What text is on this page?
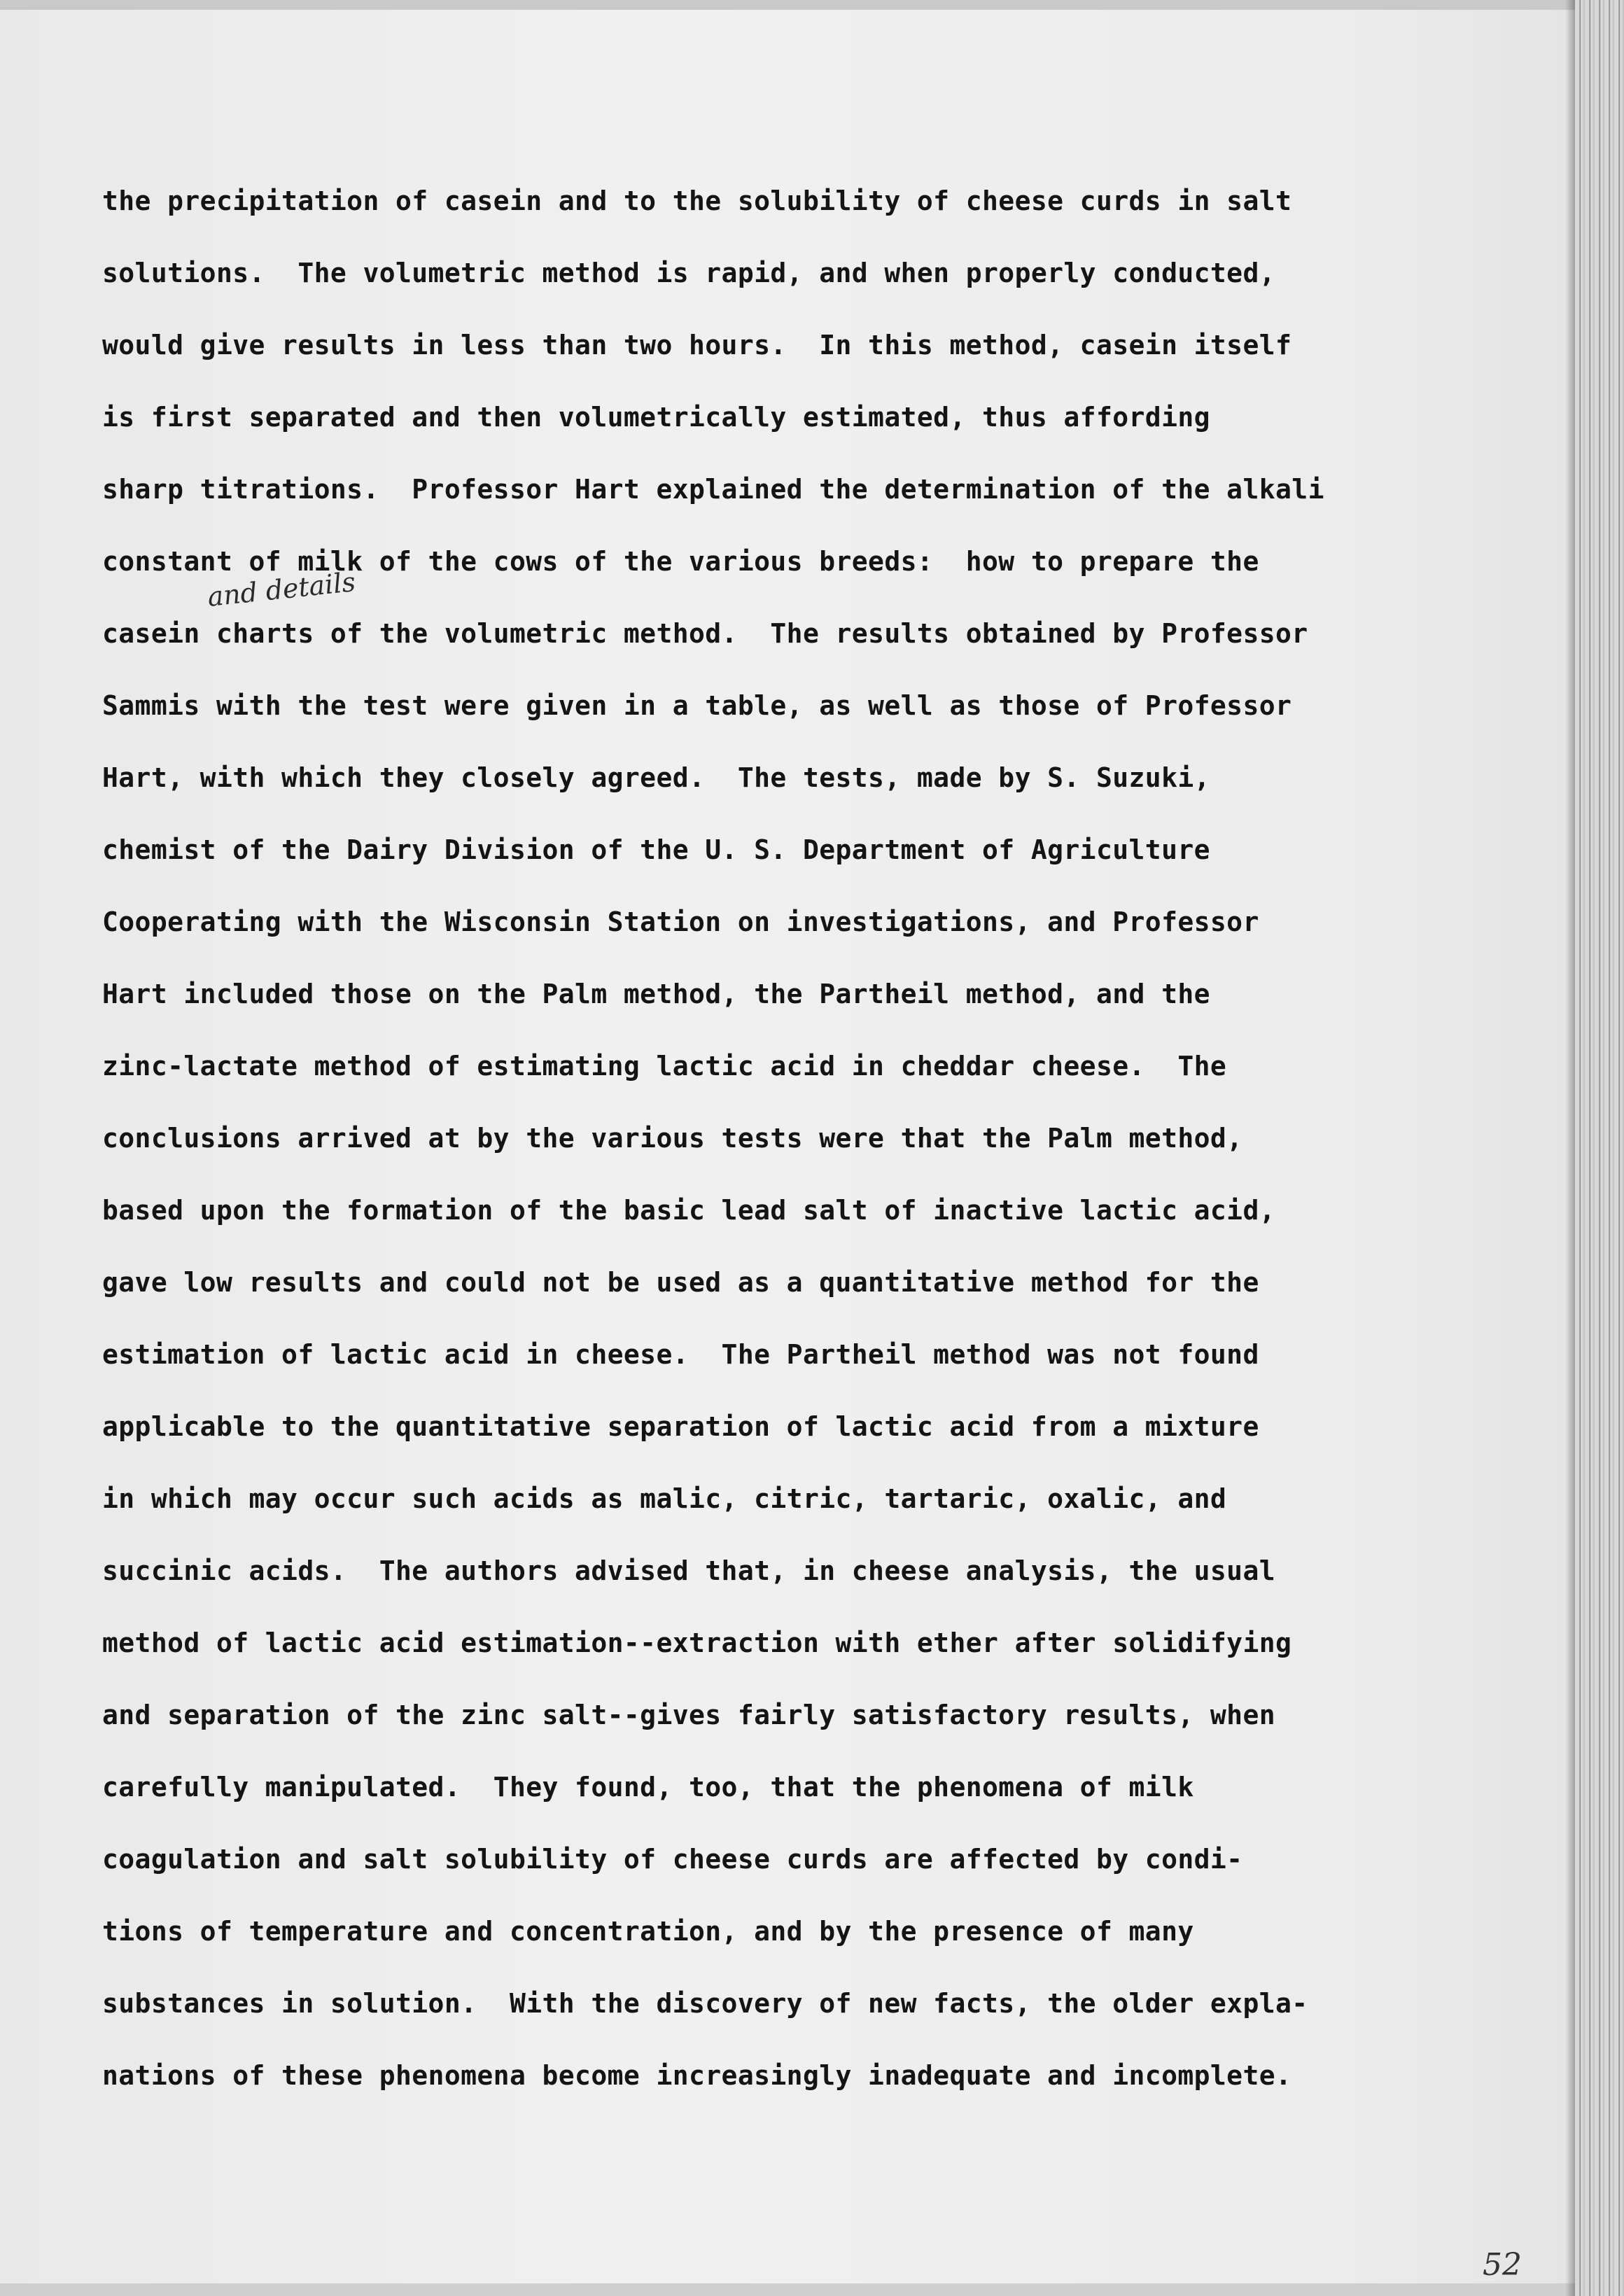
the precipitation of casein and to the solubility of cheese curds in salt
solutions.  The volumetric method is rapid, and when properly conducted,
would give results in less than two hours.  In this method, casein itself
is first separated and then volumetrically estimated, thus affording
sharp titrations.  Professor Hart explained the determination of the alkali
constant of milk of the cows of the various breeds:  how to prepare the
casein charts of the volumetric method.  The results obtained by Professor
Sammis with the test were given in a table, as well as those of Professor
Hart, with which they closely agreed.  The tests, made by S. Suzuki,
chemist of the Dairy Division of the U. S. Department of Agriculture
Cooperating with the Wisconsin Station on investigations, and Professor
Hart included those on the Palm method, the Partheil method, and the
zinc-lactate method of estimating lactic acid in cheddar cheese.  The
conclusions arrived at by the various tests were that the Palm method,
based upon the formation of the basic lead salt of inactive lactic acid,
gave low results and could not be used as a quantitative method for the
estimation of lactic acid in cheese.  The Partheil method was not found
applicable to the quantitative separation of lactic acid from a mixture
in which may occur such acids as malic, citric, tartaric, oxalic, and
succinic acids.  The authors advised that, in cheese analysis, the usual
method of lactic acid estimation--extraction with ether after solidifying
and separation of the zinc salt--gives fairly satisfactory results, when
carefully manipulated.  They found, too, that the phenomena of milk
coagulation and salt solubility of cheese curds are affected by condi-
tions of temperature and concentration, and by the presence of many
substances in solution.  With the discovery of new facts, the older expla-
nations of these phenomena become increasingly inadequate and incomplete.
and details
52
